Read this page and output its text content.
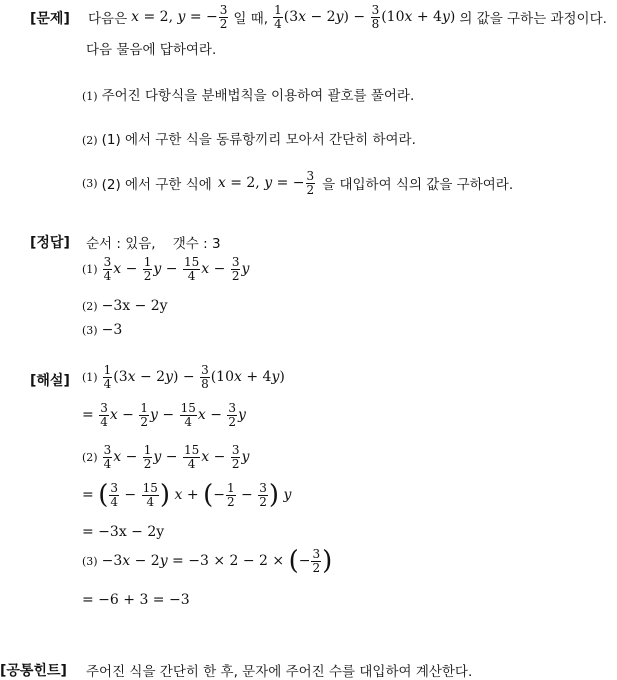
[문제] 다음은 x = 2, y = − $\frac{3}{2}$ 일 때, $\frac{1}{4} (3x - 2y) - \frac{3}{8} (10x + 4y)$ 의 값을 구하는 과정이다.
다음 물음에 답하여라.
(1) 주어진 다항식을 분배법칙을 이용하여 괄호를 풀어라.
(2) (1) 에서 구한 식을 동류항끼리 모아서 간단히 하여라.
(3) (2) 에서 구한 식에 x = 2, y = − $\frac{3}{2}$ 을 대입하여 식의 값을 구하여라.
[정답] 순서 : 있음,    갯수 : 3
$(1) \frac{3}{4}$ $x - \frac{1}{2}$ $y - \frac{15}{4}$ $x - \frac{3}{2}$ y
(2) −3x − 2y
(3) −3
[해설] $(1) \frac{1}{4} (3x - 2y) - \frac{3}{8} (10x + 4y)$
= $\frac{3}{4}$ $x - \frac{1}{2}$ $y - \frac{15}{4}$ $x - \frac{3}{2}$ y
$(2) \frac{3}{4}$ $x - \frac{1}{2}$ $y - \frac{15}{4}$ $x - \frac{3}{2}$ y
= ( $\frac{3}{4} - \frac{15}{4}$ ) x + (− $\frac{1}{2} - \frac{3}{2}$ ) y
= −3x − 2y
(3) −3x − 2y = −3 × 2 − 2 × (− $\frac{3}{2}$ )
= −6 + 3 = −3
[공통힌트] 주어진 식을 간단히 한 후, 문자에 주어진 수를 대입하여 계산한다.
